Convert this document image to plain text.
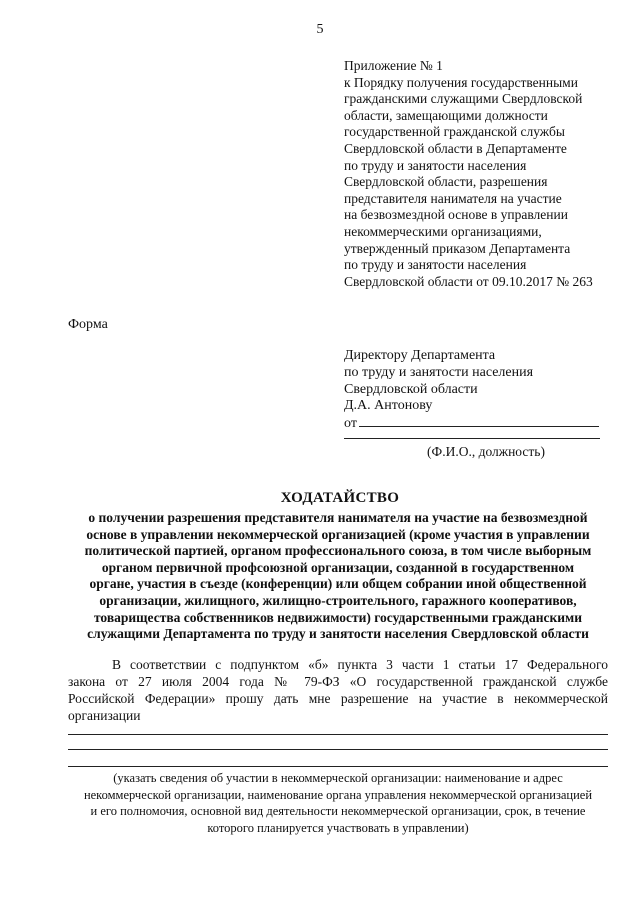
5
Приложение № 1
к Порядку получения государственными
гражданскими служащими Свердловской
области, замещающими должности
государственной гражданской службы
Свердловской области в Департаменте
по труду и занятости населения
Свердловской области, разрешения
представителя нанимателя на участие
на безвозмездной основе в управлении
некоммерческими организациями,
утвержденный приказом Департамента
по труду и занятости населения
Свердловской области от 09.10.2017 № 263
Форма
Директору Департамента
по труду и занятости населения
Свердловской области
Д.А. Антонову
от
(Ф.И.О., должность)
ХОДАТАЙСТВО
о получении разрешения представителя нанимателя на участие на безвозмездной
основе в управлении некоммерческой организацией (кроме участия в управлении
политической партией, органом профессионального союза, в том числе выборным
органом первичной профсоюзной организации, созданной в государственном
органе, участия в съезде (конференции) или общем собрании иной общественной
организации, жилищного, жилищно-строительного, гаражного кооперативов,
товарищества собственников недвижимости) государственными гражданскими
служащими Департамента по труду и занятости населения Свердловской области
В соответствии с подпунктом «б» пункта 3 части 1 статьи 17 Федерального
закона от 27 июля 2004 года № 79-ФЗ «О государственной гражданской службе
Российской Федерации» прошу дать мне разрешение на участие в некоммерческой
организации
(указать сведения об участии в некоммерческой организации: наименование и адрес
некоммерческой организации, наименование органа управления некоммерческой организацией
и его полномочия, основной вид деятельности некоммерческой организации, срок, в течение
которого планируется участвовать в управлении)
